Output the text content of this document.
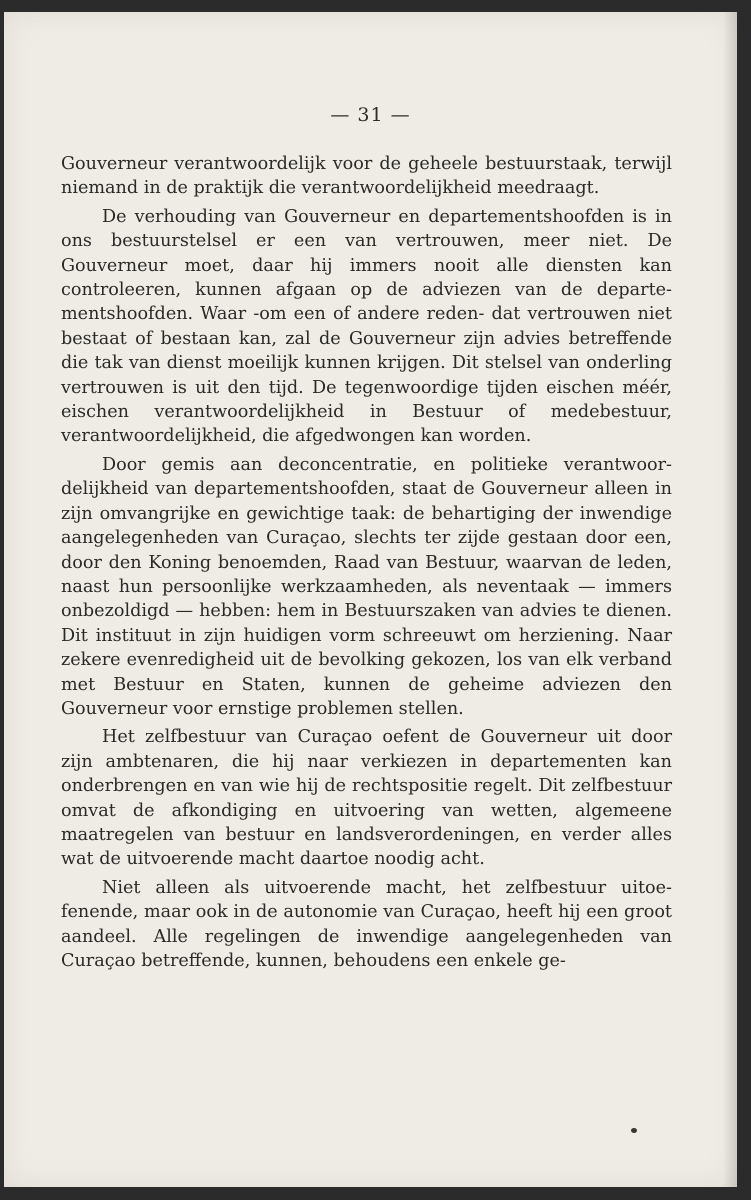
— 31 —

Gouverneur verantwoordelijk voor de geheele bestuurstaak, terwijl niemand in de praktijk die verantwoordelijkheid meedraagt.

De verhouding van Gouverneur en departementshoofden is in ons bestuurstelsel er een van vertrouwen, meer niet. De Gouverneur moet, daar hij immers nooit alle diensten kan controleeren, kunnen afgaan op de adviezen van de departementshoofden. Waar -om een of andere reden- dat vertrouwen niet bestaat of bestaan kan, zal de Gouverneur zijn advies betreffende die tak van dienst moeilijk kunnen krijgen. Dit stelsel van onderling vertrouwen is uit den tijd. De tegenwoordige tijden eischen méér, eischen verantwoordelijkheid in Bestuur of medebestuur, verantwoordelijkheid, die afgedwongen kan worden.

Door gemis aan deconcentratie, en politieke verantwoordelijkheid van departementshoofden, staat de Gouverneur alleen in zijn omvangrijke en gewichtige taak: de behartiging der inwendige aangelegenheden van Curaçao, slechts ter zijde gestaan door een, door den Koning benoemden, Raad van Bestuur, waarvan de leden, naast hun persoonlijke werkzaamheden, als neventaak — immers onbezoldigd — hebben: hem in Bestuurszaken van advies te dienen. Dit instituut in zijn huidigen vorm schreeuwt om herziening. Naar zekere evenredigheid uit de bevolking gekozen, los van elk verband met Bestuur en Staten, kunnen de geheime adviezen den Gouverneur voor ernstige problemen stellen.

Het zelfbestuur van Curaçao oefent de Gouverneur uit door zijn ambtenaren, die hij naar verkiezen in departementen kan onderbrengen en van wie hij de rechtspositie regelt. Dit zelfbestuur omvat de afkondiging en uitvoering van wetten, algemeene maatregelen van bestuur en landsverordeningen, en verder alles wat de uitvoerende macht daartoe noodig acht.

Niet alleen als uitvoerende macht, het zelfbestuur uitoefenende, maar ook in de autonomie van Curaçao, heeft hij een groot aandeel. Alle regelingen de inwendige aangelegenheden van Curaçao betreffende, kunnen, behoudens een enkele ge-
